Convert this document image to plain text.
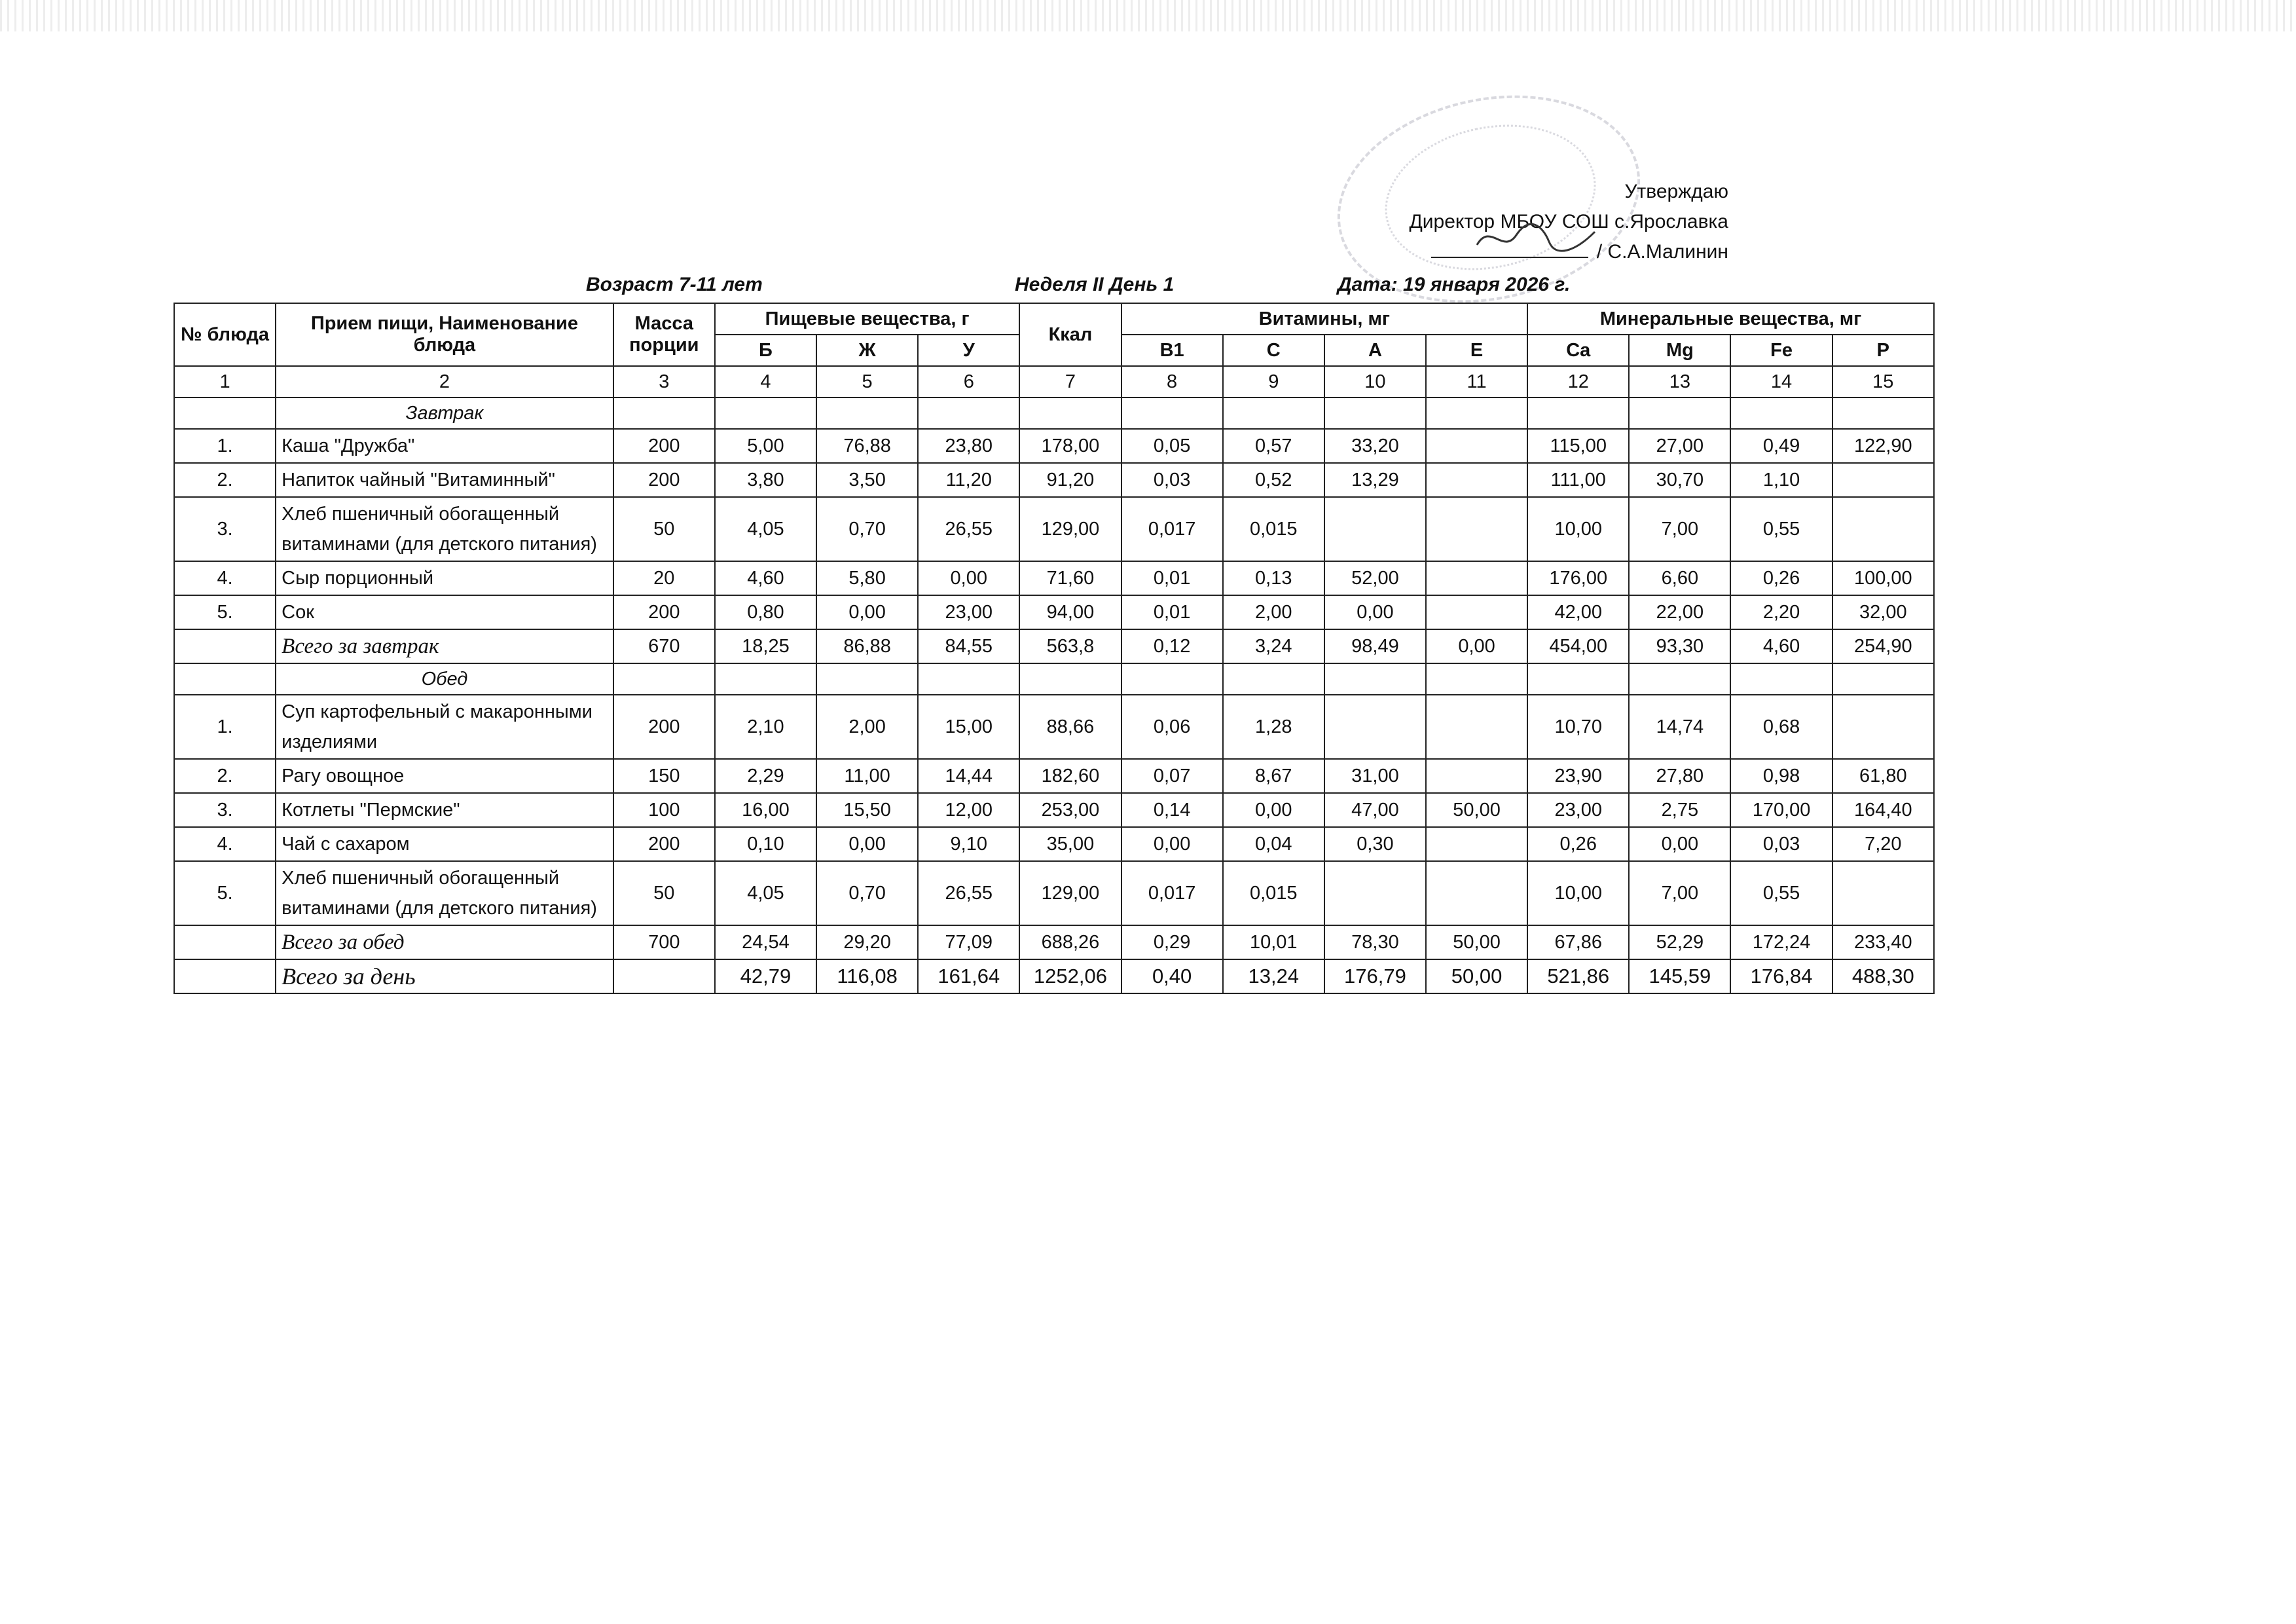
Утверждаю
Директор МБОУ СОШ с.Ярославка

/ С.А.Малинин
Возраст 7-11 лет	Неделя II День 1	Дата: 19 января 2026 г.
№ блюда	Прием пищи, Наименование блюда	Масса порции	Пищевые вещества, г			Ккал	Витамины, мг				Минеральные вещества, мг			
			Б	Ж	У		В1	С	А	Е	Ca	Mg	Fe	P
1	2	3	4	5	6	7	8	9	10	11	12	13	14	15
	Завтрак													
1.	Каша "Дружба"	200	5,00	76,88	23,80	178,00	0,05	0,57	33,20		115,00	27,00	0,49	122,90
2.	Напиток чайный "Витаминный"	200	3,80	3,50	11,20	91,20	0,03	0,52	13,29		111,00	30,70	1,10	
3.	Хлеб пшеничный обогащенный витаминами (для детского питания)	50	4,05	0,70	26,55	129,00	0,017	0,015			10,00	7,00	0,55	
4.	Сыр порционный	20	4,60	5,80	0,00	71,60	0,01	0,13	52,00		176,00	6,60	0,26	100,00
5.	Сок	200	0,80	0,00	23,00	94,00	0,01	2,00	0,00		42,00	22,00	2,20	32,00
	Всего за завтрак	670	18,25	86,88	84,55	563,8	0,12	3,24	98,49	0,00	454,00	93,30	4,60	254,90
	Обед													
1.	Суп картофельный с макаронными изделиями	200	2,10	2,00	15,00	88,66	0,06	1,28			10,70	14,74	0,68	
2.	Рагу овощное	150	2,29	11,00	14,44	182,60	0,07	8,67	31,00		23,90	27,80	0,98	61,80
3.	Котлеты "Пермские"	100	16,00	15,50	12,00	253,00	0,14	0,00	47,00	50,00	23,00	2,75	170,00	164,40
4.	Чай с сахаром	200	0,10	0,00	9,10	35,00	0,00	0,04	0,30		0,26	0,00	0,03	7,20
5.	Хлеб пшеничный обогащенный витаминами (для детского питания)	50	4,05	0,70	26,55	129,00	0,017	0,015			10,00	7,00	0,55	
	Всего за обед	700	24,54	29,20	77,09	688,26	0,29	10,01	78,30	50,00	67,86	52,29	172,24	233,40
	Всего за день		42,79	116,08	161,64	1252,06	0,40	13,24	176,79	50,00	521,86	145,59	176,84	488,30
